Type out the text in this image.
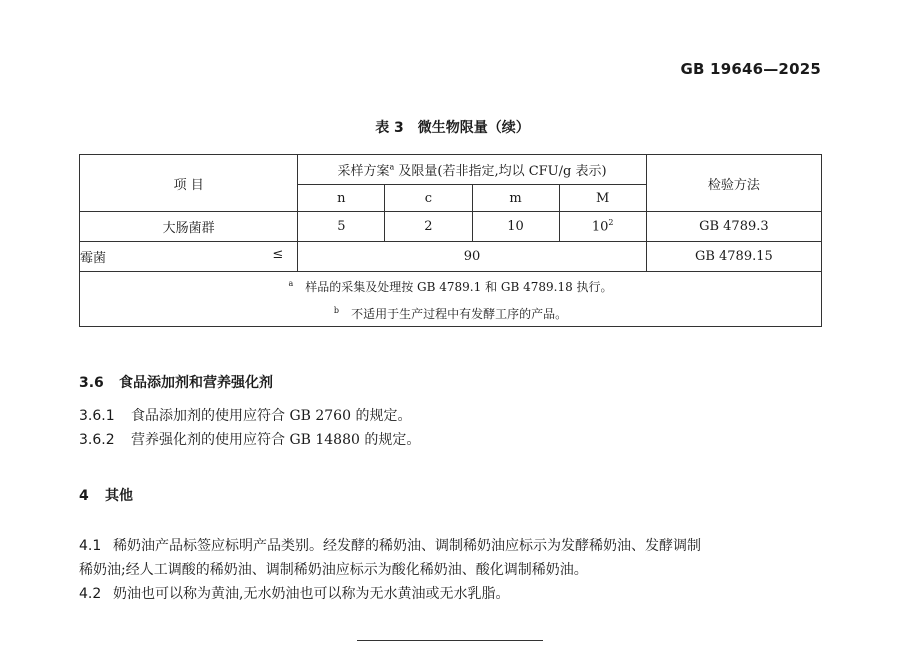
GB 19646—2025
表 3　微生物限量（续）
项 目	采样方案$^a$ 及限量(若非指定,均以 CFU/g 表示)				检验方法
	n	c	m	M	
大肠菌群	5	2	10	$10^2$	GB 4789.3

霉菌 ≤	90				GB 4789.15

$^a$　 样品的采集及处理按 GB 4789.1 和 GB 4789.18 执行。
$^b$　 不适用于生产过程中有发酵工序的产品。					
3.6 食品添加剂和营养强化剂
3.6.1 食品添加剂的使用应符合 GB 2760 的规定。
3.6.2 营养强化剂的使用应符合 GB 14880 的规定。
4 其他
4.1 稀奶油产品标签应标明产品类别。经发酵的稀奶油、调制稀奶油应标示为发酵稀奶油、发酵调制
稀奶油;经人工调酸的稀奶油、调制稀奶油应标示为酸化稀奶油、酸化调制稀奶油。
4.2 奶油也可以称为黄油,无水奶油也可以称为无水黄油或无水乳脂。
